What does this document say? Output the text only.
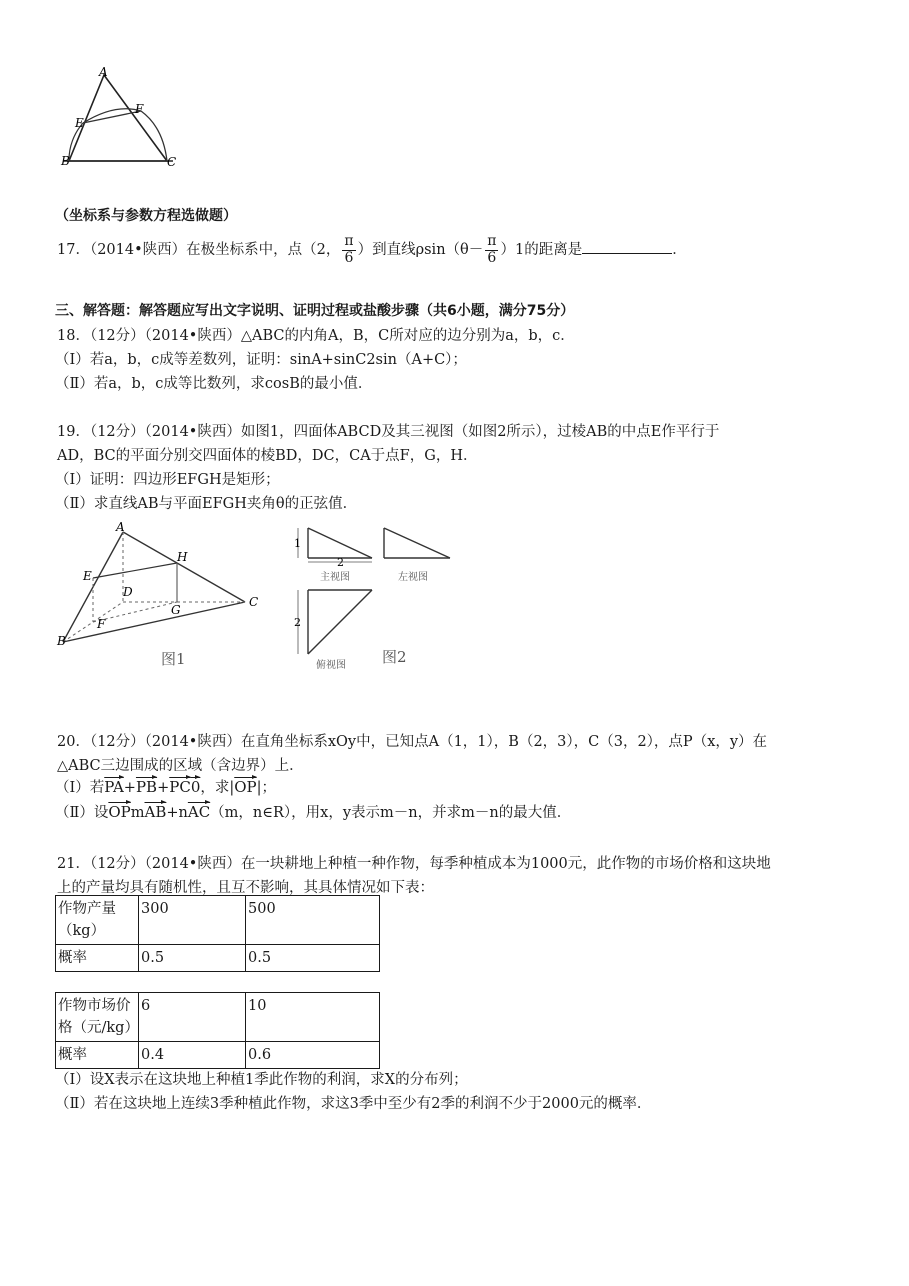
A
F
E
B	C
（坐标系与参数方程选做题）
17．（2014•陕西）在极坐标系中，点（2， $\frac{\pi}{6}$ ）到直线$\rho\sin(\theta- \frac{\pi}{6} )1$的距离是	．
三、解答题：解答题应写出文字说明、证明过程或盐酸步骤（共6小题，满分75分）
18．（12分）（2014•陕西）△ABC的内角A，B，C所对应的边分别为a，b，c．
（Ⅰ）若a，b，c成等差数列，证明：sinA+sinC2sin（A+C）；
（Ⅱ）若a，b，c成等比数列，求cosB的最小值．
19．（12分）（2014•陕西）如图1，四面体ABCD及其三视图（如图2所示），过棱AB的中点E作平行于
AD，BC的平面分别交四面体的棱BD，DC，CA于点F，G，H．
（Ⅰ）证明：四边形EFGH是矩形；
（Ⅱ）求直线AB与平面EFGH夹角θ的正弦值．
A
H
E
D
G
C
F
B
图1
1
2
主视图	左视图
2
俯视图 图2
20．（12分）（2014•陕西）在直角坐标系xOy中，已知点A（1，1），B（2，3），C（3，2），点P（x，y）在
△ABC三边围成的区域（含边界）上．
（Ⅰ）若$\overline{PA}+\overline{PB}+\overline{PC}0$，求$|\overline{OP}|$；
（Ⅱ）设$\overline{OP}m\overline{AB}+n\overline{AC}(m$，n∈R），用x，y表示m－n，并求m－n的最大值．
21．（12分）（2014•陕西）在一块耕地上种植一种作物，每季种植成本为1000元，此作物的市场价格和这块地
上的产量均具有随机性，且互不影响，其具体情况如下表：
作物产量（kg）	300	500
概率	0.5	0.5
作物市场价格（元/kg）	6	10
概率	0.4	0.6
（Ⅰ）设X表示在这块地上种植1季此作物的利润，求X的分布列；
（Ⅱ）若在这块地上连续3季种植此作物，求这3季中至少有2季的利润不少于2000元的概率．
